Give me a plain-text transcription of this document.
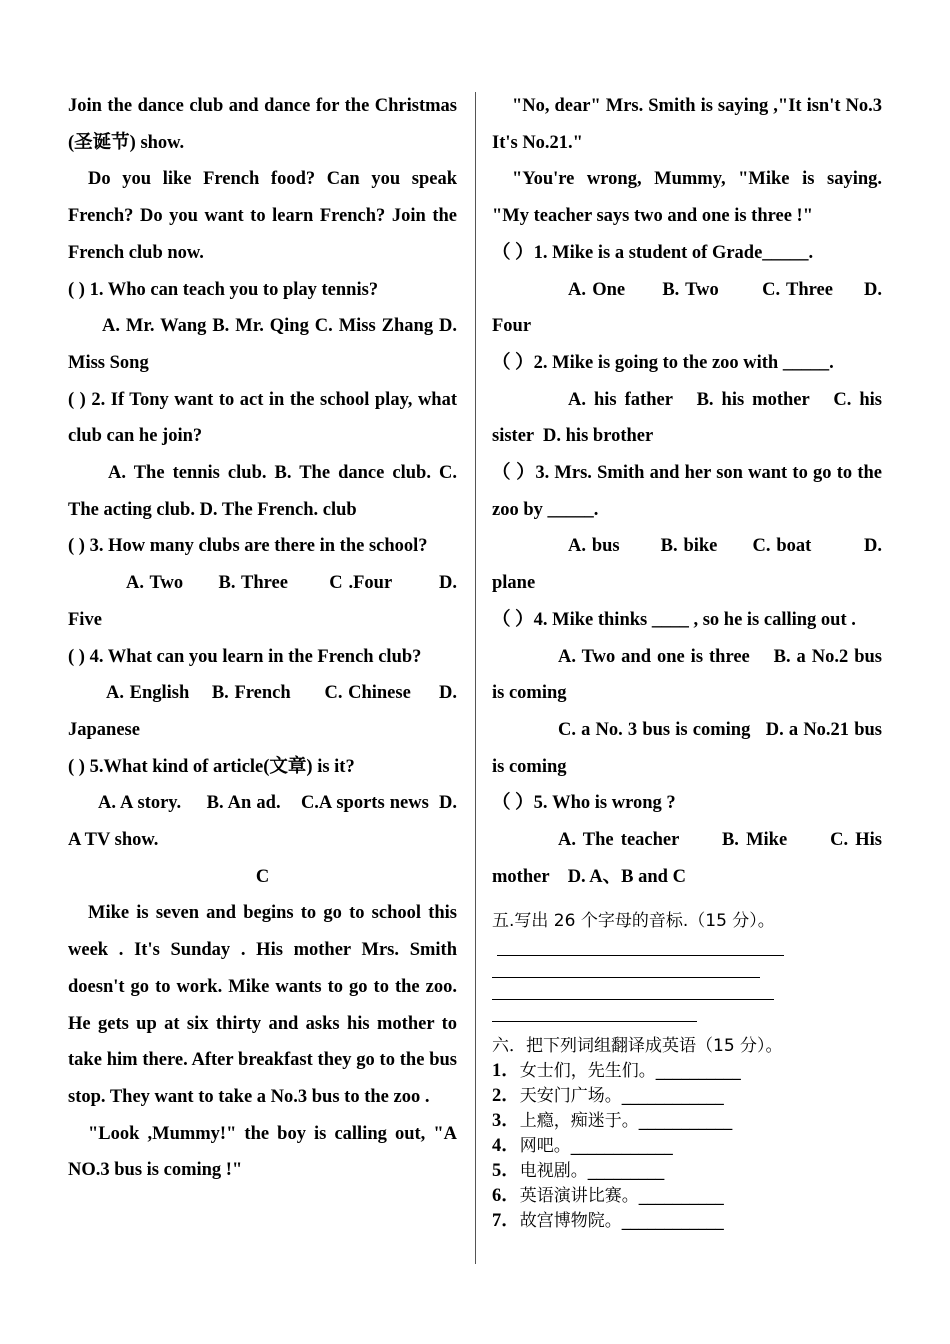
Join the dance club and dance for the Christmas (圣诞节) show.

Do you like French food? Can you speak French? Do you want to learn French? Join the French club now.

( ) 1. Who can teach you to play tennis?

A. Mr. Wang B. Mr. Qing C. Miss Zhang D. Miss Song

( ) 2. If Tony want to act in the school play, what club can he join?

A. The tennis club. B. The dance club. C. The acting club. D. The French. club

( ) 3. How many clubs are there in the school?

A. Two      B. Three       C .Four        D. Five

( ) 4. What can you learn in the French club?

A. English    B. French      C. Chinese     D. Japanese

( ) 5.What kind of article(文章) is it?

A. A story.     B. An ad.    C.A sports news  D. A TV show.

C

Mike is seven and begins to go to school this week . It's Sunday . His mother Mrs. Smith doesn't go to work. Mike wants to go to the zoo. He gets up at six thirty and asks his mother to take him there. After breakfast they go to the bus stop. They want to take a No.3 bus to the zoo .

"Look ,Mummy!" the boy is calling out, "A NO.3 bus is coming !"

"No, dear" Mrs. Smith is saying ,"It isn't No.3 It's No.21."

"You're wrong, Mummy, "Mike is saying. "My teacher says two and one is three !"

（ ）1. Mike is a student of Grade_____.

A. One      B. Two       C. Three     D. Four

（ ）2. Mike is going to the zoo with _____.

A. his father   B. his mother   C. his sister  D. his brother

（ ）3. Mrs. Smith and her son want to go to the zoo by _____.

A. bus       B. bike      C. boat         D. plane

（ ）4. Mike thinks ____ , so he is calling out .

A. Two and one is three    B. a No.2 bus is coming

C. a No. 3 bus is coming   D. a No.21 bus is coming

（ ）5. Who is wrong ?

A. The teacher      B. Mike      C. His mother    D. A、B and C

五.写出 26 个字母的音标.（15 分）。

六．把下列词组翻译成英语（15 分）。

1．女士们，先生们。__________

2．天安门广场。____________

3．上瘾，痴迷于。___________

4．网吧。____________

5．电视剧。_________

6．英语演讲比赛。__________

7．故宫博物院。____________
